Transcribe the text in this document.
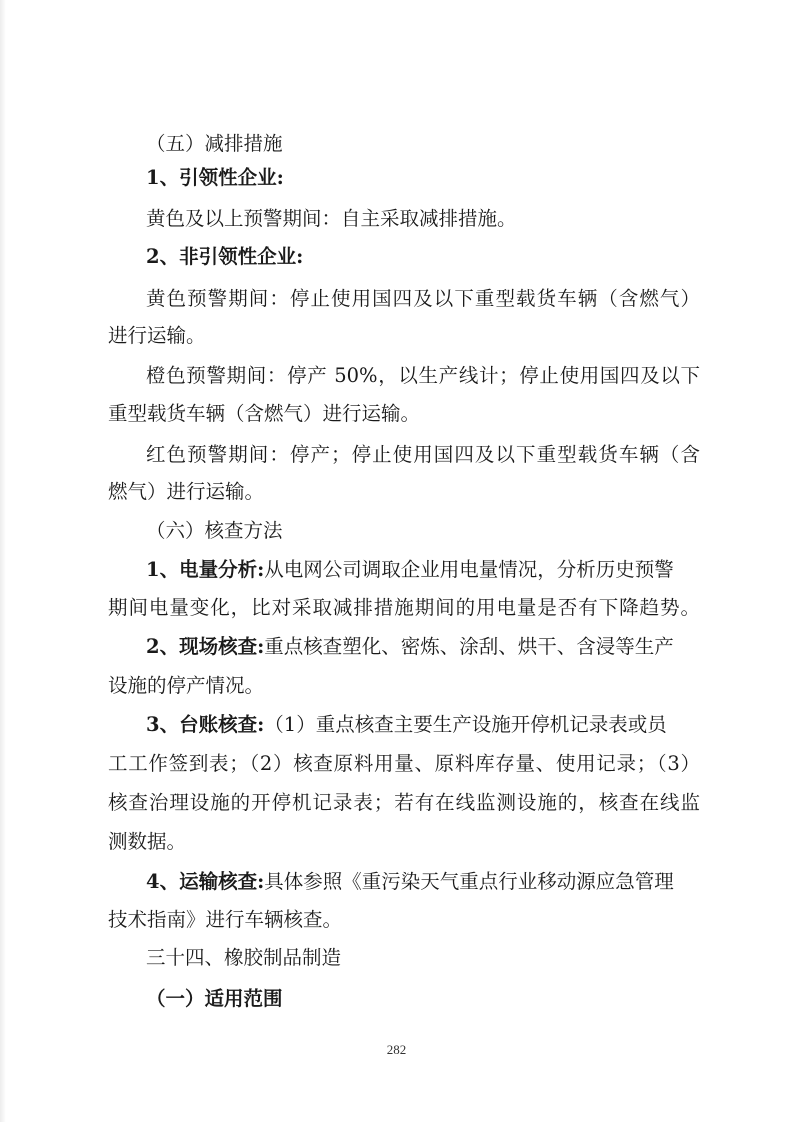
（五）减排措施
1、引领性企业:
黄色及以上预警期间：自主采取减排措施。
2、非引领性企业:
黄色预警期间：停止使用国四及以下重型载货车辆（含燃气）
进行运输。
橙色预警期间：停产 50%，以生产线计；停止使用国四及以下
重型载货车辆（含燃气）进行运输。
红色预警期间：停产；停止使用国四及以下重型载货车辆（含
燃气）进行运输。
（六）核查方法
1、电量分析:从电网公司调取企业用电量情况，分析历史预警
期间电量变化，比对采取减排措施期间的用电量是否有下降趋势。
2、现场核查:重点核查塑化、密炼、涂刮、烘干、含浸等生产
设施的停产情况。
3、台账核查:（1）重点核查主要生产设施开停机记录表或员
工工作签到表；（2）核查原料用量、原料库存量、使用记录；（3）
核查治理设施的开停机记录表；若有在线监测设施的，核查在线监
测数据。
4、运输核查:具体参照《重污染天气重点行业移动源应急管理
技术指南》进行车辆核查。
三十四、橡胶制品制造
（一）适用范围
282
